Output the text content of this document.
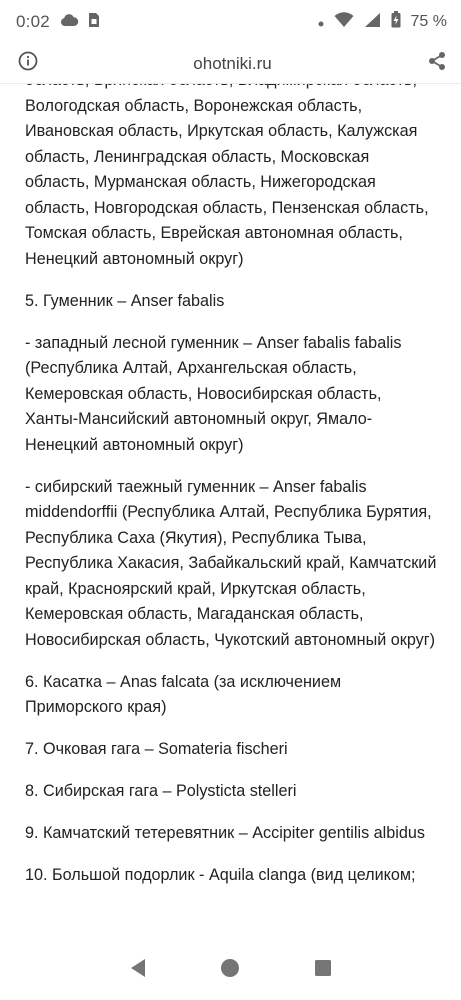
0:02	75 %
ohotniki.ru

Вологодская область, Воронежская область, Ивановская область, Иркутская область, Калужская область, Ленинградская область, Московская область, Мурманская область, Нижегородская область, Новгородская область, Пензенская область, Томская область, Еврейская автономная область, Ненецкий автономный округ)

5. Гуменник – Anser fabalis

- западный лесной гуменник – Anser fabalis fabalis (Республика Алтай, Архангельская область, Кемеровская область, Новосибирская область, Ханты-Мансийский автономный округ, Ямало-Ненецкий автономный округ)

- сибирский таежный гуменник – Anser fabalis middendorffii (Республика Алтай, Республика Бурятия, Республика Саха (Якутия), Республика Тыва, Республика Хакасия, Забайкальский край, Камчатский край, Красноярский край, Иркутская область, Кемеровская область, Магаданская область, Новосибирская область, Чукотский автономный округ)

6. Касатка – Anas falcata (за исключением Приморского края)

7. Очковая гага – Somateria fischeri

8. Сибирская гага – Polysticta stelleri

9. Камчатский тетеревятник – Accipiter gentilis albidus

10. Большой подорлик - Aquila clanga (вид целиком;
